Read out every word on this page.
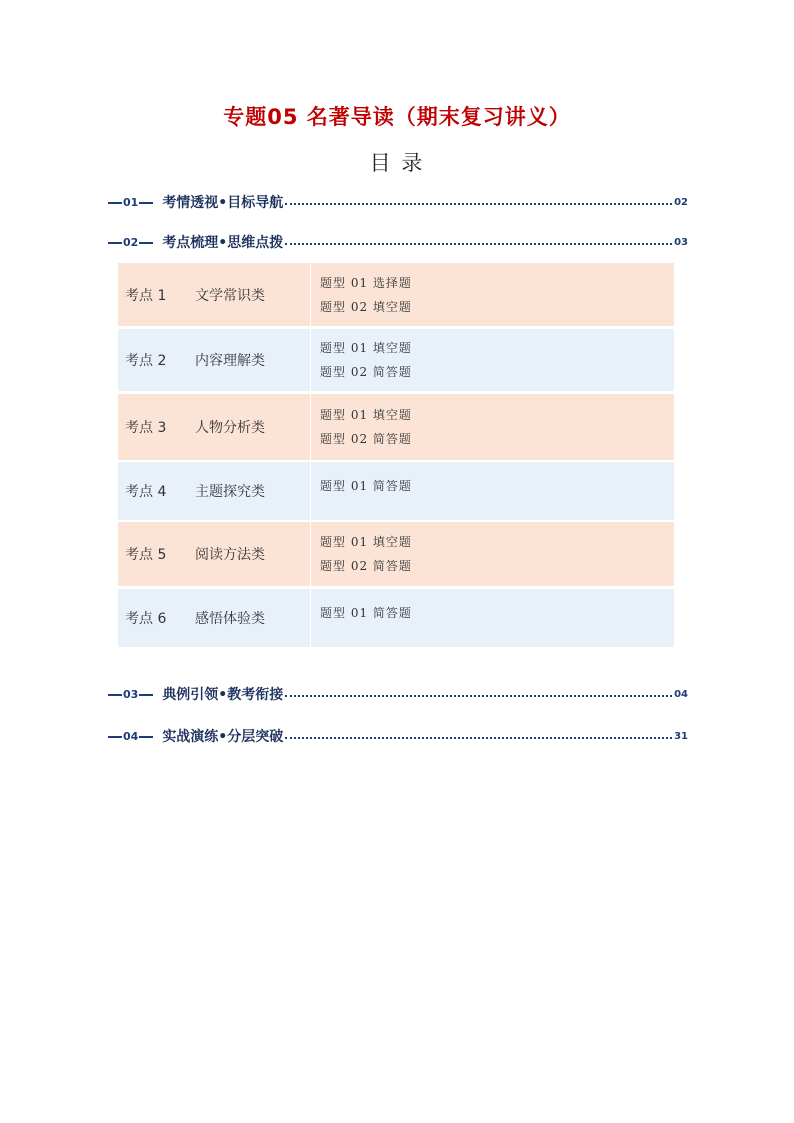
专题05 名著导读（期末复习讲义）
目 录
01	考情透视•目标导航	02
02	考点梳理•思维点拨	03
考点 1	文学常识类
题型 01 选择题
题型 02 填空题
考点 2	内容理解类
题型 01 填空题
题型 02 简答题
考点 3	人物分析类
题型 01 填空题
题型 02 简答题
考点 4	主题探究类	题型 01 简答题
考点 5	阅读方法类
题型 01 填空题
题型 02 简答题
考点 6	感悟体验类	题型 01 简答题
03	典例引领•教考衔接	04
04	实战演练•分层突破	31
